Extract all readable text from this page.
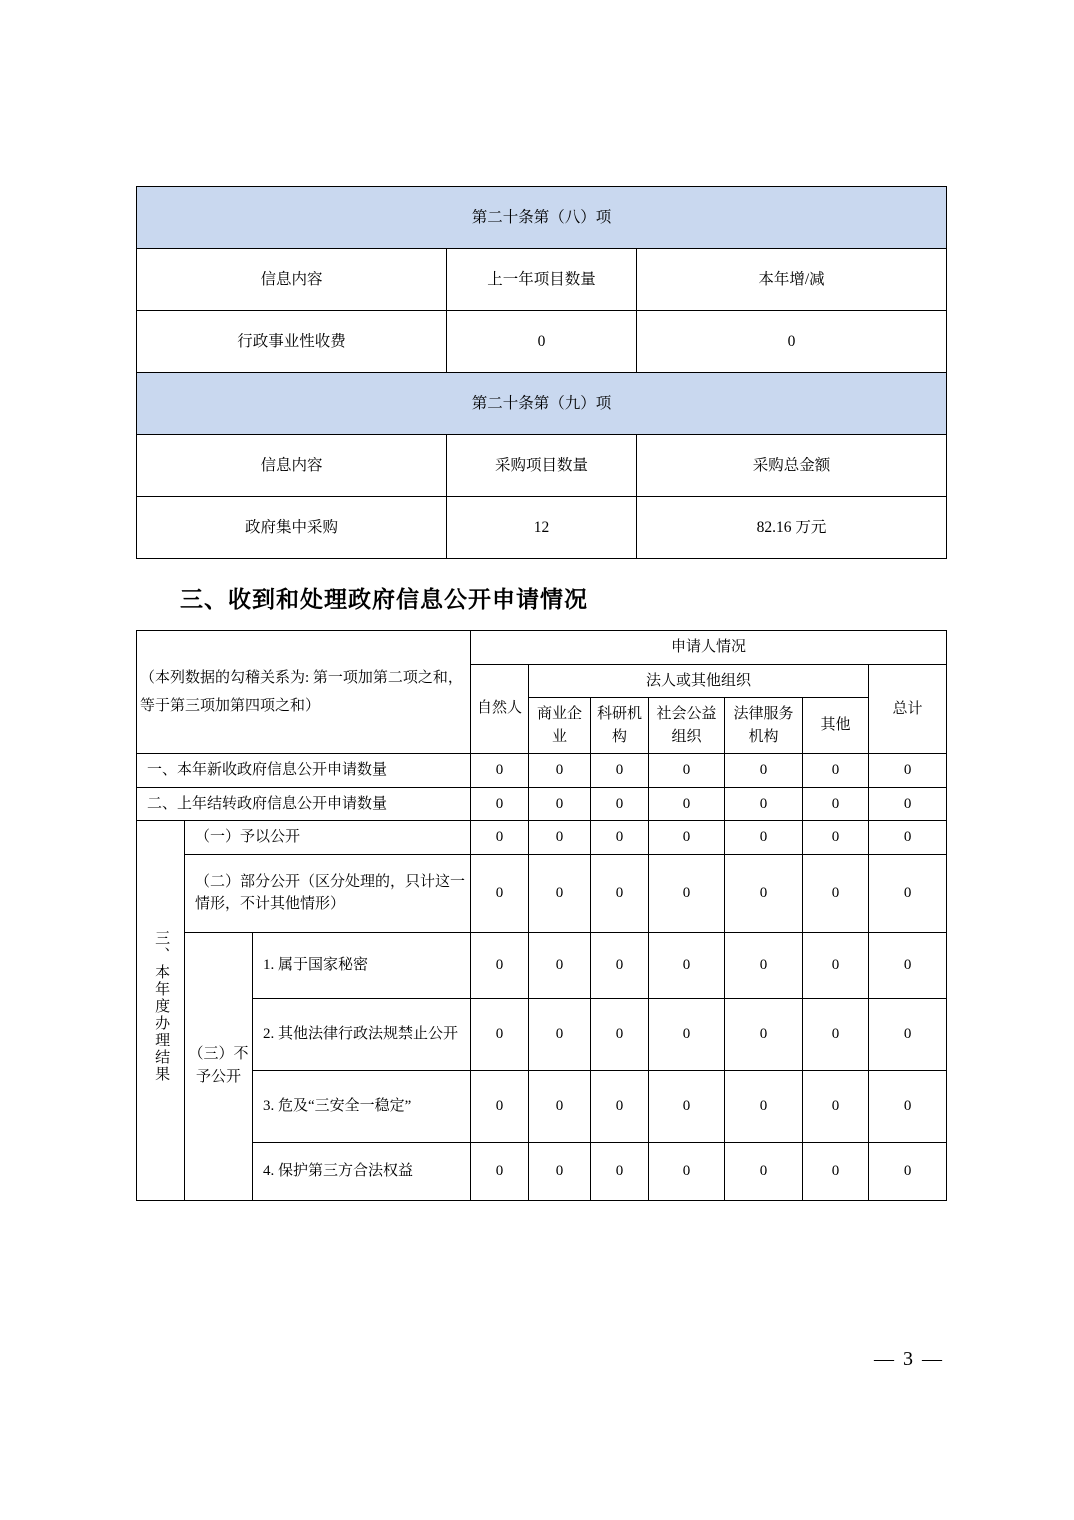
第二十条第（八）项		
信息内容	上一年项目数量	本年增/减
行政事业性收费	0	0
第二十条第（九）项		
信息内容	采购项目数量	采购总金额
政府集中采购	12	82.16 万元
三、收到和处理政府信息公开申请情况
（本列数据的勾稽关系为: 第一项加第二项之和，等于第三项加第四项之和）			申请人情况						
			自然人	法人或其他组织					总计
				商业企业	科研机构	社会公益组织	法律服务机构	其他	
一、本年新收政府信息公开申请数量			0	0	0	0	0	0	0
二、上年结转政府信息公开申请数量			0	0	0	0	0	0	0
三、本年度办理结果	（一）予以公开		0	0	0	0	0	0	0
	（二）部分公开（区分处理的，只计这一情形，不计其他情形）		0	0	0	0	0	0	0
	（三）不予公开	1. 属于国家秘密	0	0	0	0	0	0	0
		2. 其他法律行政法规禁止公开	0	0	0	0	0	0	0
		3. 危及“三安全一稳定”	0	0	0	0	0	0	0
		4. 保护第三方合法权益	0	0	0	0	0	0	0
— 3 —
